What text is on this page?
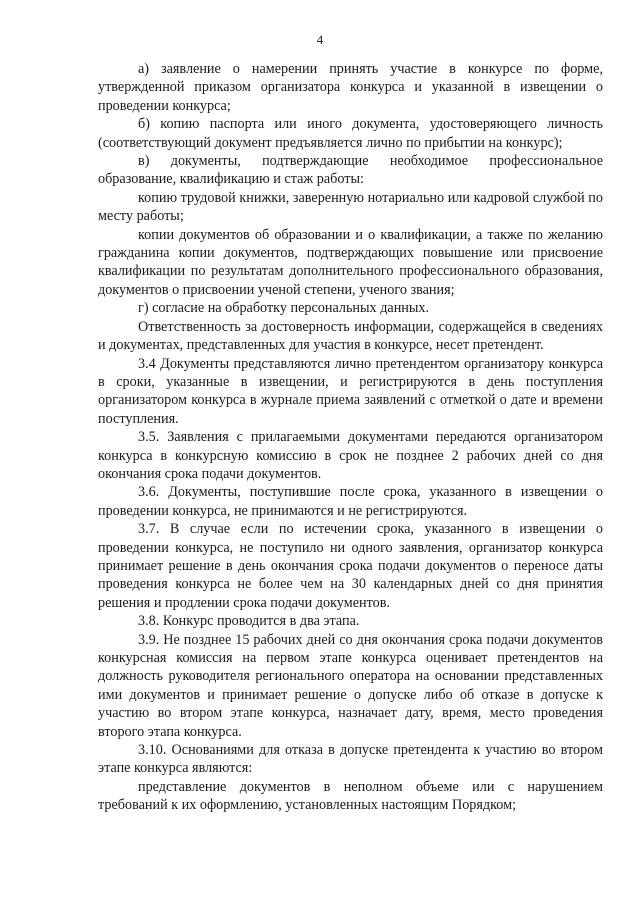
4

а) заявление о намерении принять участие в конкурсе по форме, утвержденной приказом организатора конкурса и указанной в извещении о проведении конкурса;

б) копию паспорта или иного документа, удостоверяющего личность (соответствующий документ предъявляется лично по прибытии на конкурс);

в) документы, подтверждающие необходимое профессиональное образование, квалификацию и стаж работы:

копию трудовой книжки, заверенную нотариально или кадровой службой по месту работы;

копии документов об образовании и о квалификации, а также по желанию гражданина копии документов, подтверждающих повышение или присвоение квалификации по результатам дополнительного профессионального образования, документов о присвоении ученой степени, ученого звания;

г) согласие на обработку персональных данных.

Ответственность за достоверность информации, содержащейся в сведениях и документах, представленных для участия в конкурсе, несет претендент.

3.4 Документы представляются лично претендентом организатору конкурса в сроки, указанные в извещении, и регистрируются в день поступления организатором конкурса в журнале приема заявлений с отметкой о дате и времени поступления.

3.5. Заявления с прилагаемыми документами передаются организатором конкурса в конкурсную комиссию в срок не позднее 2 рабочих дней со дня окончания срока подачи документов.

3.6. Документы, поступившие после срока, указанного в извещении о проведении конкурса, не принимаются и не регистрируются.

3.7. В случае если по истечении срока, указанного в извещении о проведении конкурса, не поступило ни одного заявления, организатор конкурса принимает решение в день окончания срока подачи документов о переносе даты проведения конкурса не более чем на 30 календарных дней со дня принятия решения и продлении срока подачи документов.

3.8. Конкурс проводится в два этапа.

3.9. Не позднее 15 рабочих дней со дня окончания срока подачи документов конкурсная комиссия на первом этапе конкурса оценивает претендентов на должность руководителя регионального оператора на основании представленных ими документов и принимает решение о допуске либо об отказе в допуске к участию во втором этапе конкурса, назначает дату, время, место проведения второго этапа конкурса.

3.10. Основаниями для отказа в допуске претендента к участию во втором этапе конкурса являются:

представление документов в неполном объеме или с нарушением требований к их оформлению, установленных настоящим Порядком;
